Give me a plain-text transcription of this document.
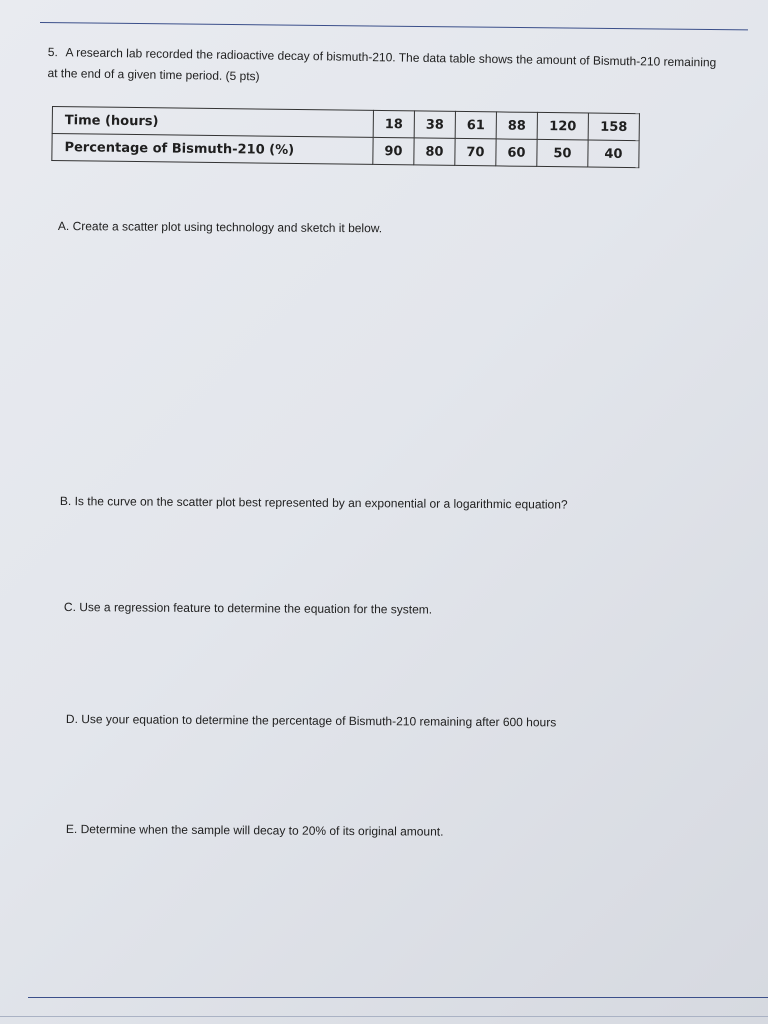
5. A research lab recorded the radioactive decay of bismuth-210. The data table shows the amount of Bismuth-210 remaining at the end of a given time period. (5 pts)
Time (hours)	18	38	61	88	120	158
Percentage of Bismuth-210 (%)	90	80	70	60	50	40
A. Create a scatter plot using technology and sketch it below.
B. Is the curve on the scatter plot best represented by an exponential or a logarithmic equation?
C. Use a regression feature to determine the equation for the system.
D. Use your equation to determine the percentage of Bismuth-210 remaining after 600 hours
E. Determine when the sample will decay to 20% of its original amount.
